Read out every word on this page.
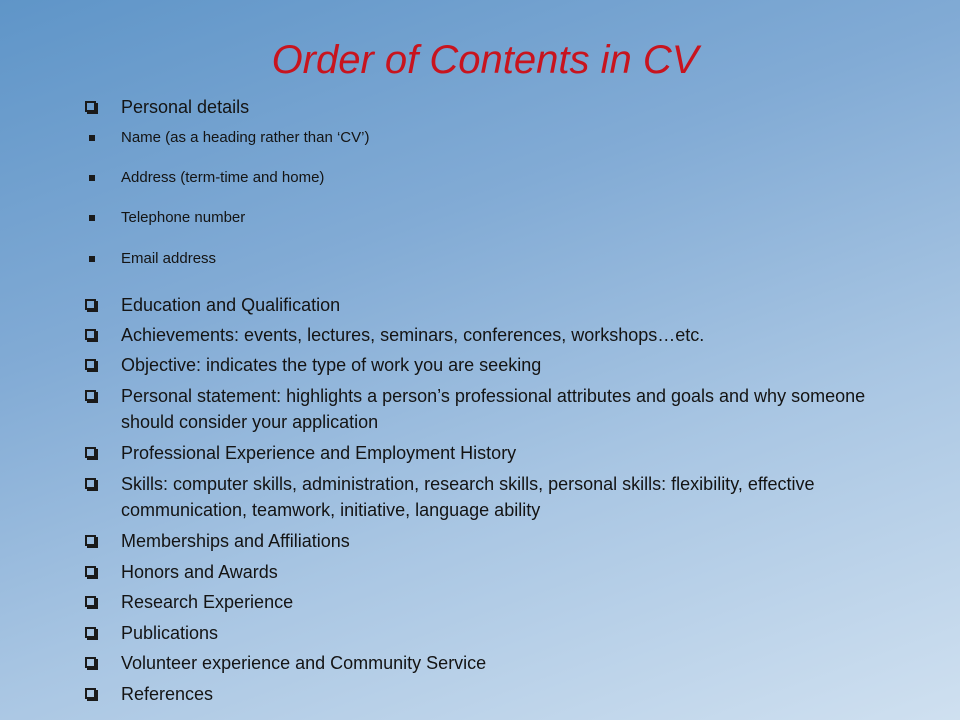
Order of Contents in CV
Personal details
Name (as a heading rather than ‘CV’)
Address (term-time and home)
Telephone number
Email address
Education and Qualification
Achievements: events, lectures, seminars, conferences, workshops…etc.
Objective: indicates the type of work you are seeking
Personal statement: highlights a person’s professional attributes and goals and why someone should consider your application
Professional Experience and Employment History
Skills: computer skills, administration, research skills, personal skills: flexibility, effective communication, teamwork, initiative, language ability
Memberships and Affiliations
Honors and Awards
Research Experience
Publications
Volunteer experience and Community Service
References
